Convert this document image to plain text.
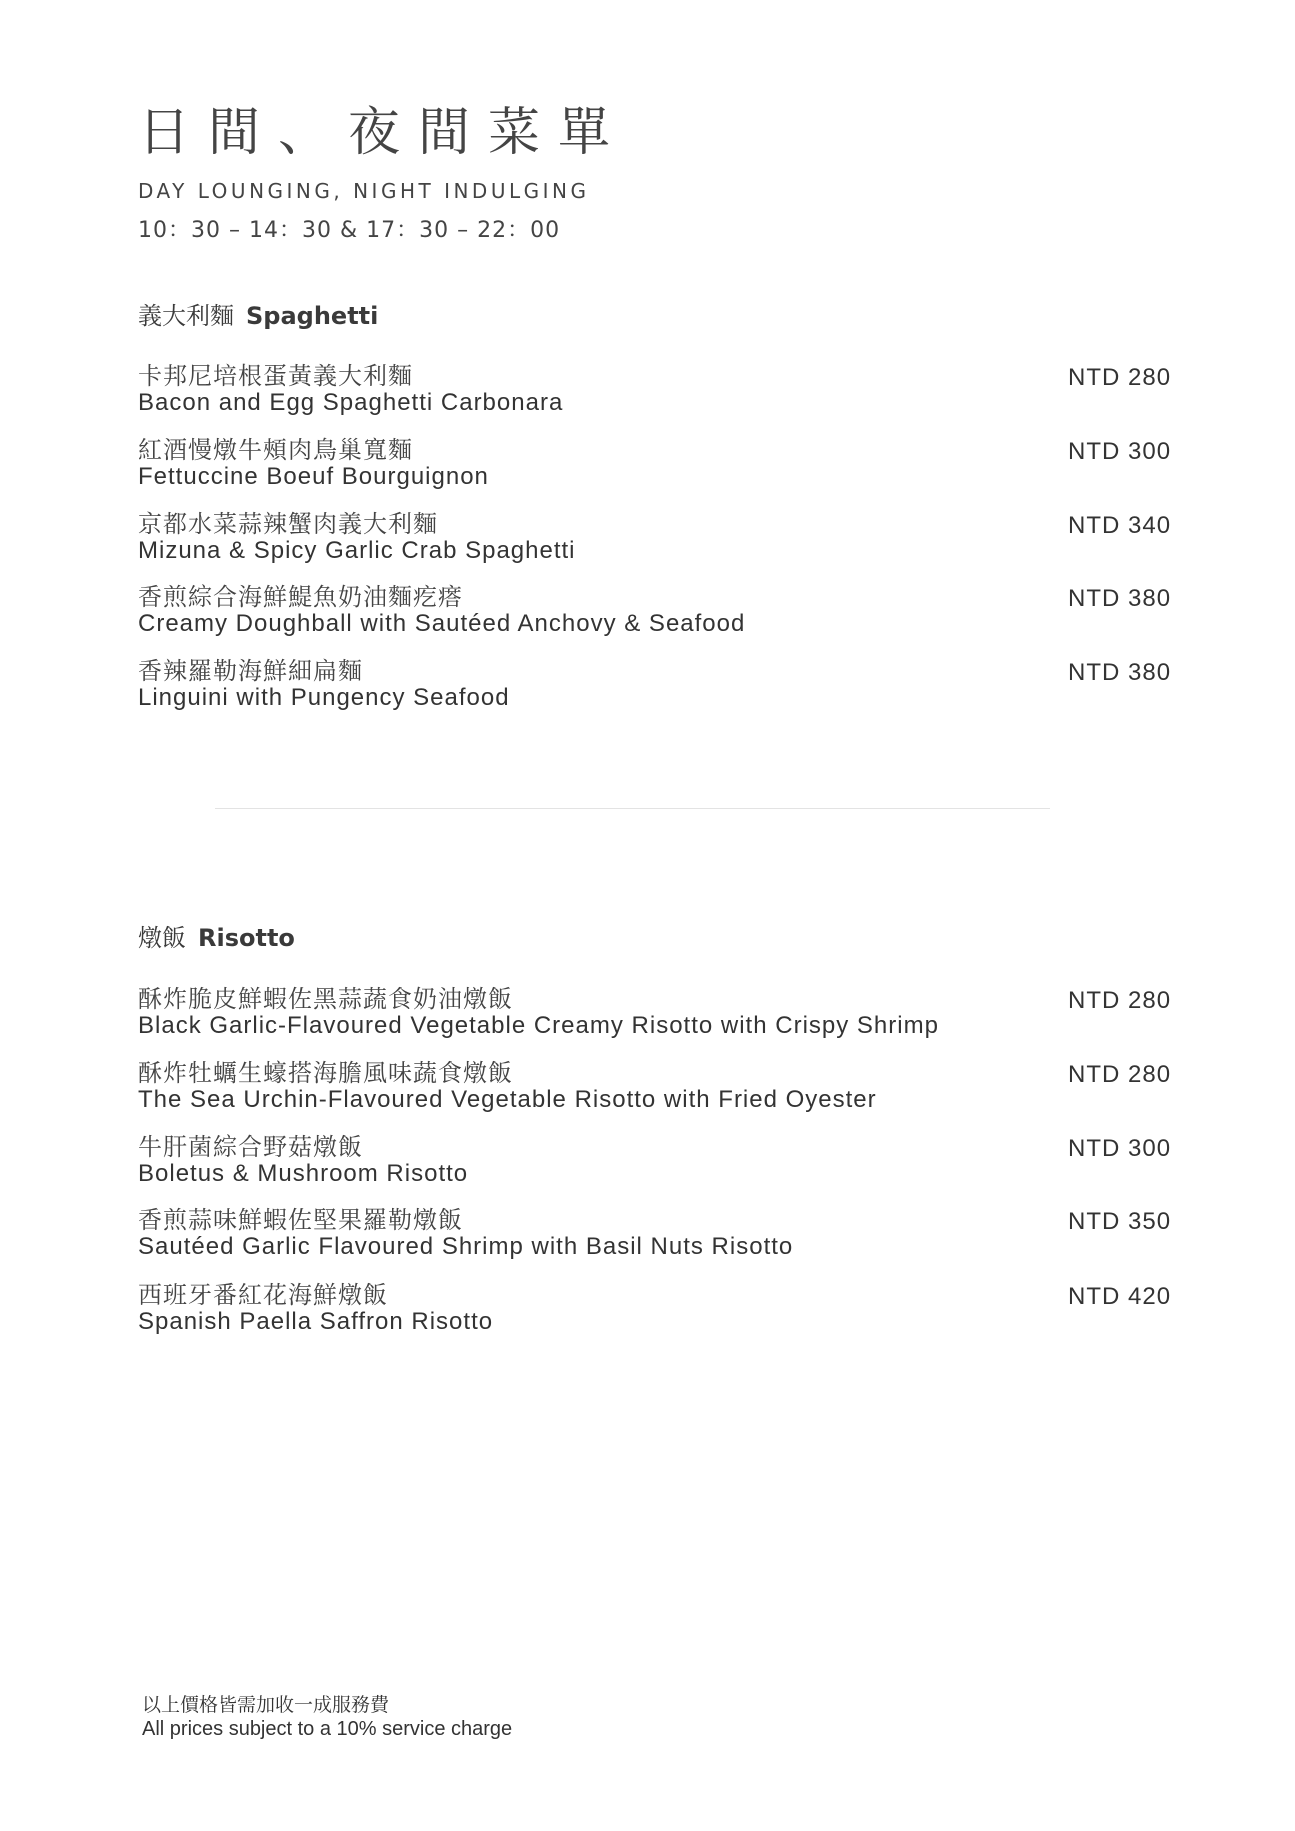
日間、夜間菜單
DAY LOUNGING, NIGHT INDULGING
10：30 – 14：30 & 17：30 – 22：00
義大利麵 Spaghetti
卡邦尼培根蛋黃義大利麵
Bacon and Egg Spaghetti Carbonara
NTD 280
紅酒慢燉牛頰肉鳥巢寬麵
Fettuccine Boeuf Bourguignon
NTD 300
京都水菜蒜辣蟹肉義大利麵
Mizuna & Spicy Garlic Crab Spaghetti
NTD 340
香煎綜合海鮮鯷魚奶油麵疙瘩
Creamy Doughball with Sautéed Anchovy & Seafood
NTD 380
香辣羅勒海鮮細扁麵
Linguini with Pungency Seafood
NTD 380
燉飯 Risotto
酥炸脆皮鮮蝦佐黑蒜蔬食奶油燉飯
Black Garlic-Flavoured Vegetable Creamy Risotto with Crispy Shrimp
NTD 280
酥炸牡蠣生蠔搭海膽風味蔬食燉飯
The Sea Urchin-Flavoured Vegetable Risotto with Fried Oyester
NTD 280
牛肝菌綜合野菇燉飯
Boletus & Mushroom Risotto
NTD 300
香煎蒜味鮮蝦佐堅果羅勒燉飯
Sautéed Garlic Flavoured Shrimp with Basil Nuts Risotto
NTD 350
西班牙番紅花海鮮燉飯
Spanish Paella Saffron Risotto
NTD 420
以上價格皆需加收一成服務費
All prices subject to a 10% service charge
